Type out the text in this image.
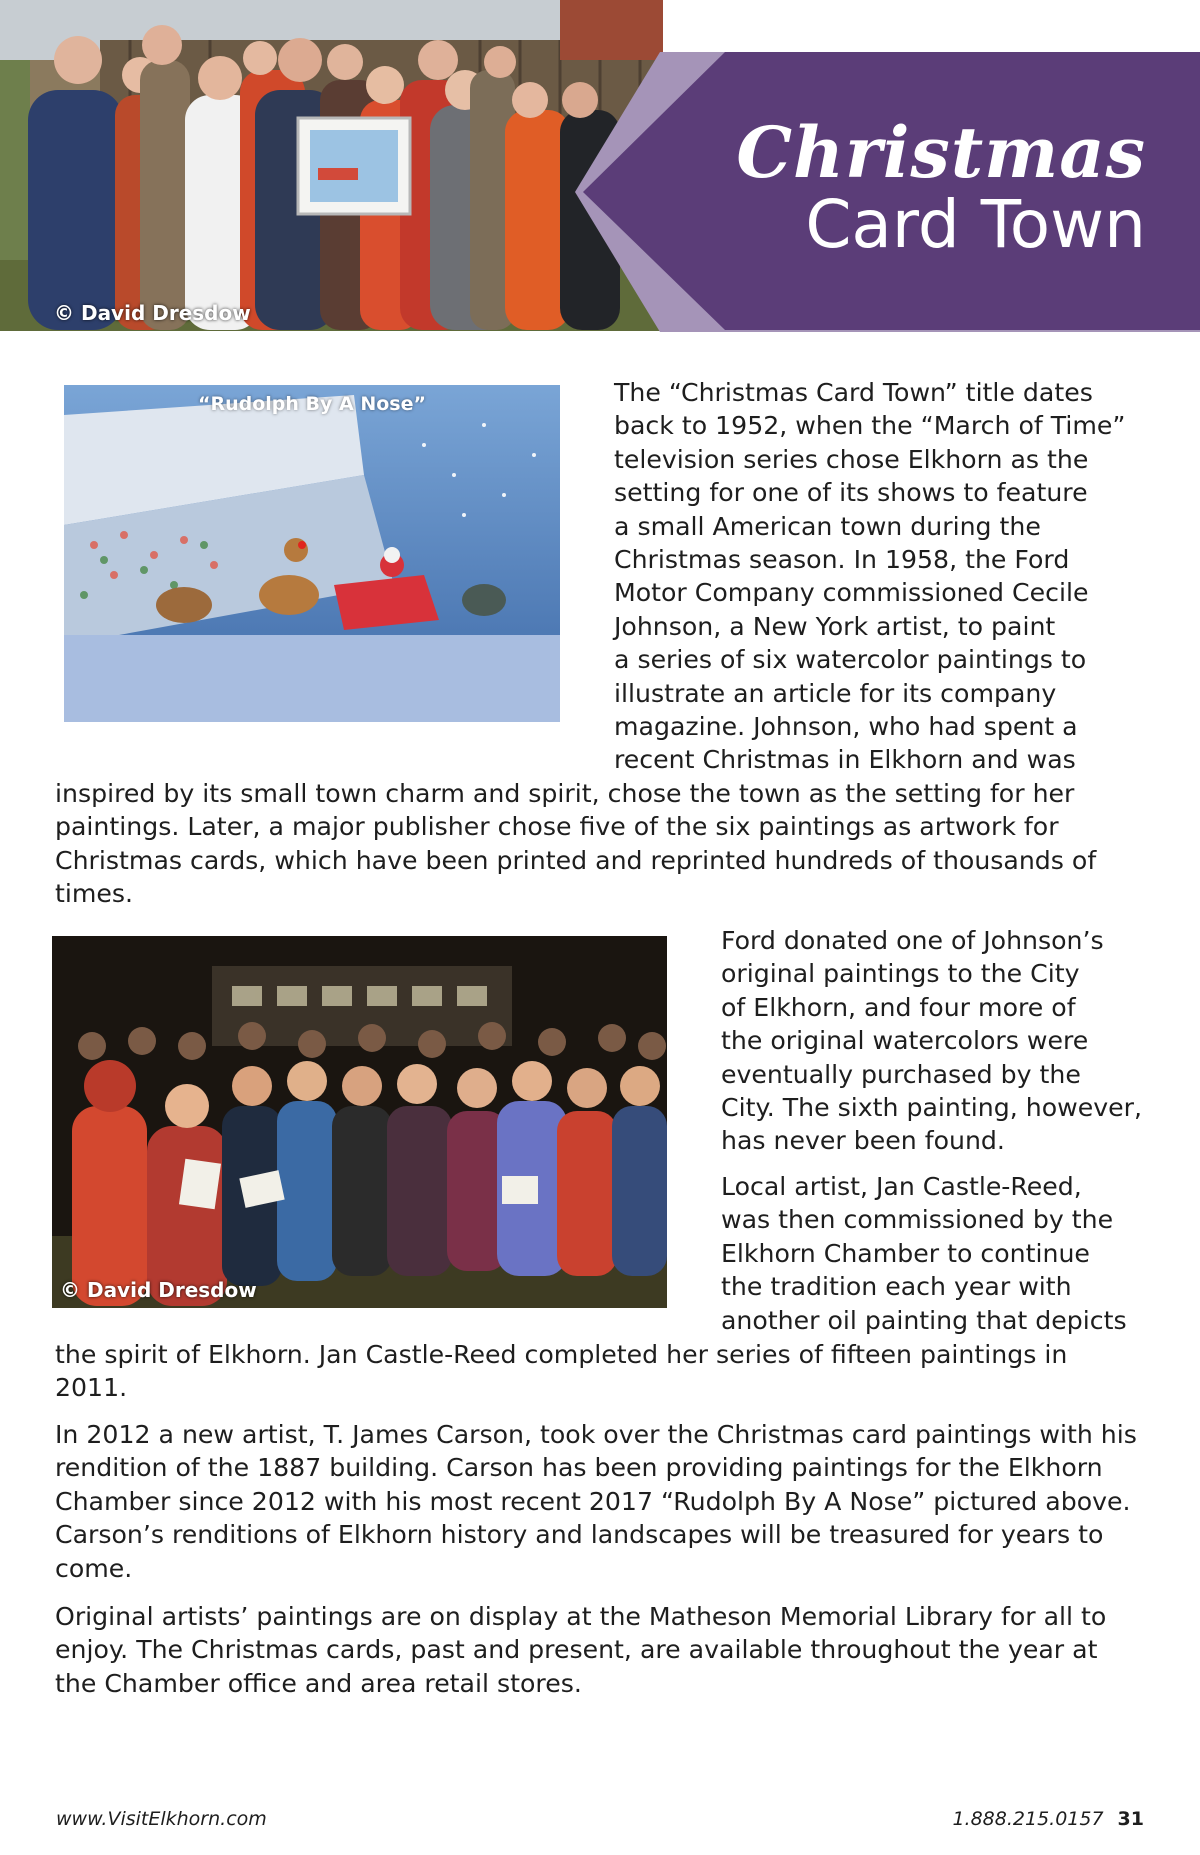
© David Dresdow
Christmas
Card Town
“Rudolph By A Nose”	The “Christmas Card Town” title dates

back to 1952, when the “March of Time”

television series chose Elkhorn as the

setting for one of its shows to feature

a small American town during the

Christmas season. In 1958, the Ford

Motor Company commissioned Cecile

Johnson, a New York artist, to paint

a series of six watercolor paintings to

illustrate an article for its company

magazine. Johnson, who had spent a

recent Christmas in Elkhorn and was

inspired by its small town charm and spirit, chose the town as the setting for her

paintings. Later, a major publisher chose five of the six paintings as artwork for

Christmas cards, which have been printed and reprinted hundreds of thousands of

times.

© David Dresdow

Ford donated one of Johnson’s

original paintings to the City

of Elkhorn, and four more of

the original watercolors were

eventually purchased by the

City. The sixth painting, however,

has never been found.

Local artist, Jan Castle-Reed,

was then commissioned by the

Elkhorn Chamber to continue

the tradition each year with

another oil painting that depicts

the spirit of Elkhorn. Jan Castle-Reed completed her series of fifteen paintings in

2011.

In 2012 a new artist, T. James Carson, took over the Christmas card paintings with his

rendition of the 1887 building. Carson has been providing paintings for the Elkhorn

Chamber since 2012 with his most recent 2017 “Rudolph By A Nose” pictured above.

Carson’s renditions of Elkhorn history and landscapes will be treasured for years to

come.

Original artists’ paintings are on display at the Matheson Memorial Library for all to

enjoy. The Christmas cards, past and present, are available throughout the year at

the Chamber office and area retail stores.

www.VisitElkhorn.com	1.888.215.0157 31
